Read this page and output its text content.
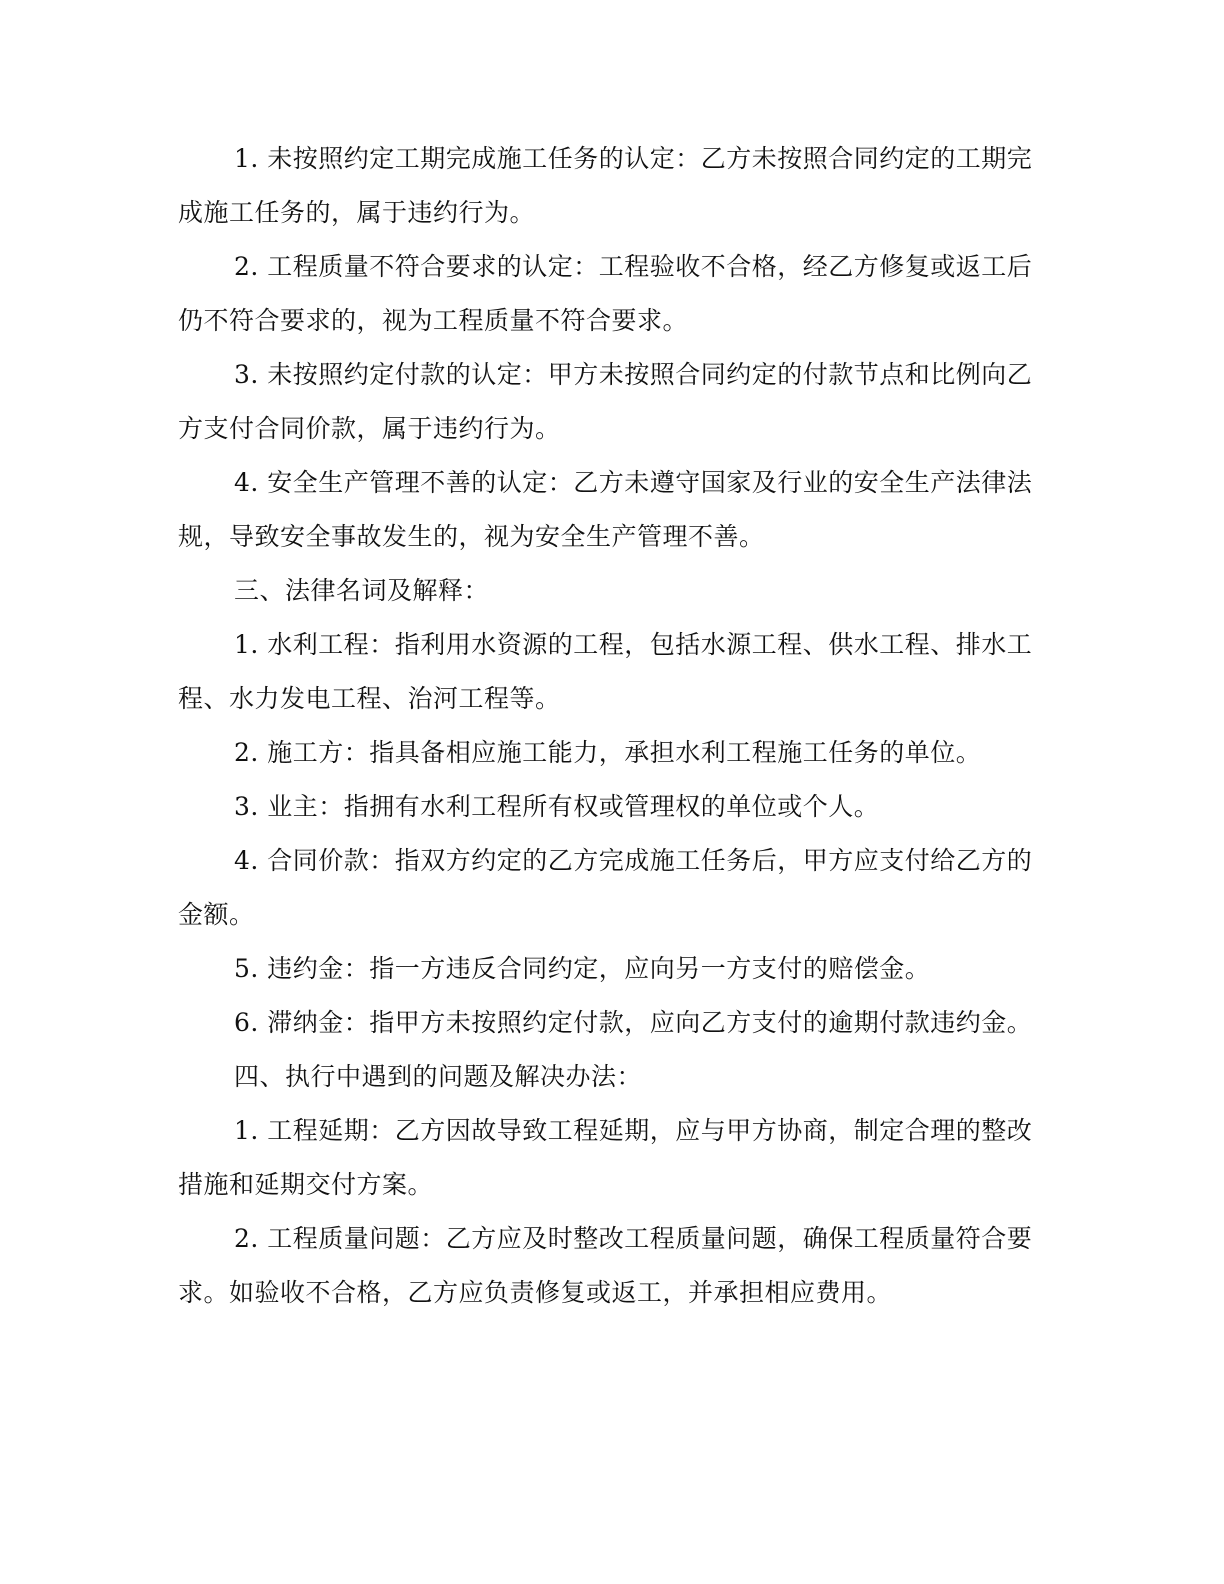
1. 未按照约定工期完成施工任务的认定：乙方未按照合同约定的工期完成施工任务的，属于违约行为。

2. 工程质量不符合要求的认定：工程验收不合格，经乙方修复或返工后仍不符合要求的，视为工程质量不符合要求。

3. 未按照约定付款的认定：甲方未按照合同约定的付款节点和比例向乙方支付合同价款，属于违约行为。

4. 安全生产管理不善的认定：乙方未遵守国家及行业的安全生产法律法规，导致安全事故发生的，视为安全生产管理不善。

三、法律名词及解释：

1. 水利工程：指利用水资源的工程，包括水源工程、供水工程、排水工程、水力发电工程、治河工程等。

2. 施工方：指具备相应施工能力，承担水利工程施工任务的单位。

3. 业主：指拥有水利工程所有权或管理权的单位或个人。

4. 合同价款：指双方约定的乙方完成施工任务后，甲方应支付给乙方的金额。

5. 违约金：指一方违反合同约定，应向另一方支付的赔偿金。

6. 滞纳金：指甲方未按照约定付款，应向乙方支付的逾期付款违约金。

四、执行中遇到的问题及解决办法：

1. 工程延期：乙方因故导致工程延期，应与甲方协商，制定合理的整改措施和延期交付方案。

2. 工程质量问题：乙方应及时整改工程质量问题，确保工程质量符合要求。如验收不合格，乙方应负责修复或返工，并承担相应费用。
